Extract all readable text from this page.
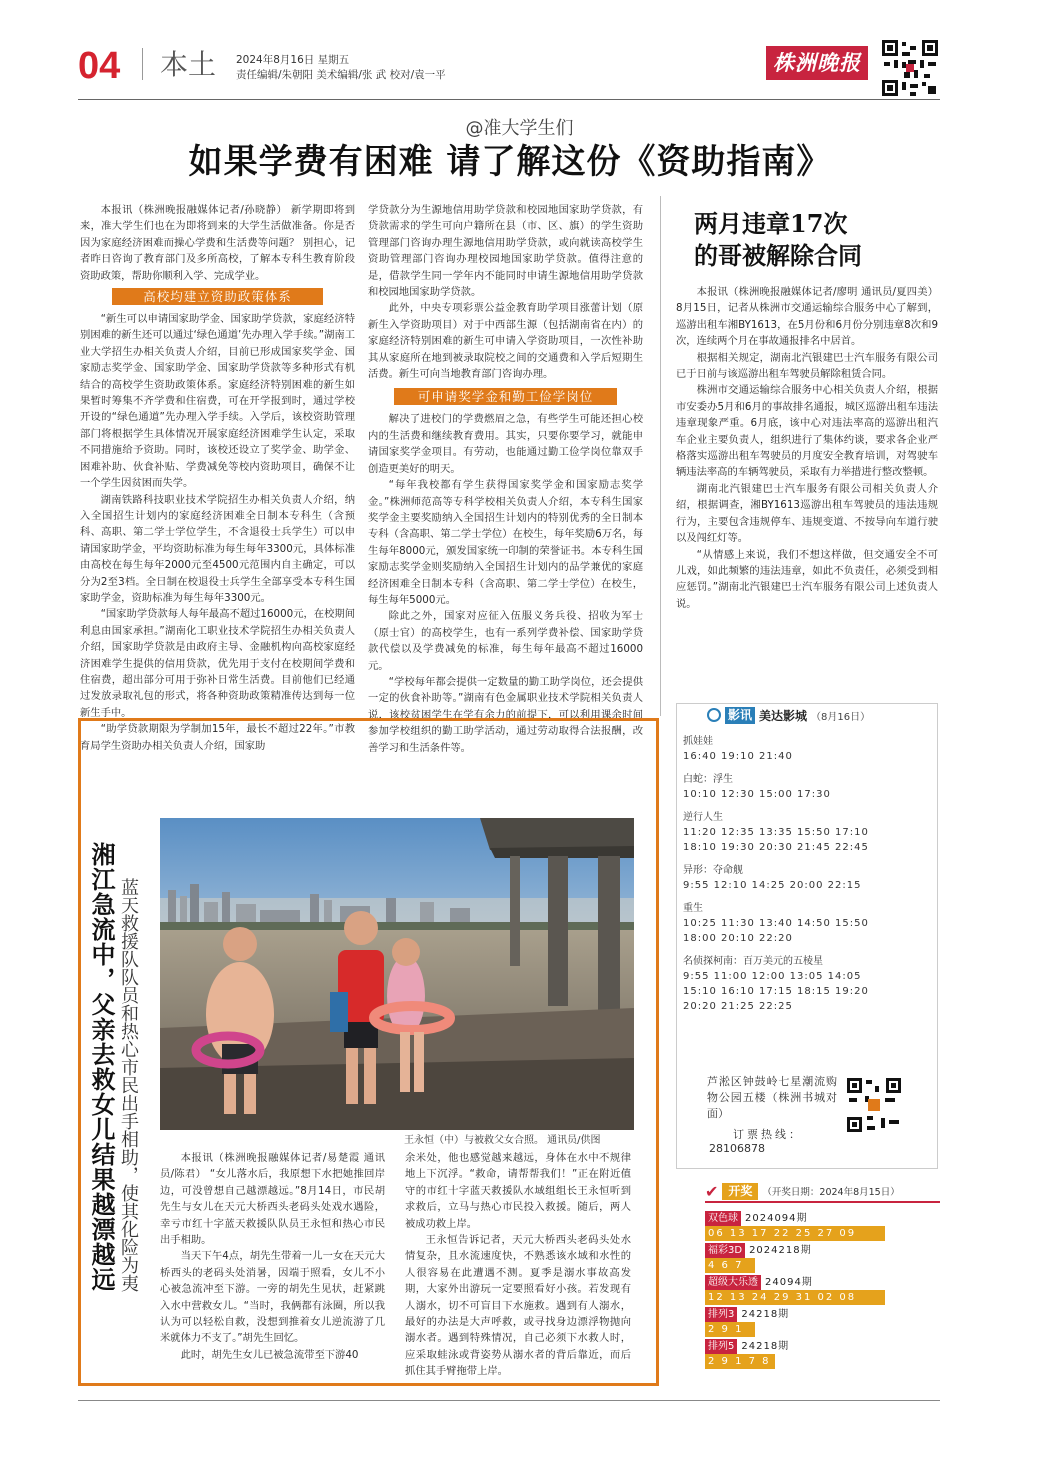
04 本土 2024年8月16日 星期五
责任编辑/朱朝阳 美术编辑/张 武 校对/袁一平	株洲晚报
@准大学生们
如果学费有困难 请了解这份《资助指南》

本报讯（株洲晚报融媒体记者/孙晓静） 新学期即将到来，准大学生们也在为即将到来的大学生活做准备。你是否因为家庭经济困难而操心学费和生活费等问题？ 别担心，记者昨日咨询了教育部门及多所高校，了解本专科生教育阶段资助政策，帮助你顺利入学、完成学业。

高校均建立资助政策体系

“新生可以申请国家助学金、国家助学贷款，家庭经济特别困难的新生还可以通过‘绿色通道’先办理入学手续。”湖南工业大学招生办相关负责人介绍，目前已形成国家奖学金、国家励志奖学金、国家助学金、国家助学贷款等多种形式有机结合的高校学生资助政策体系。家庭经济特别困难的新生如果暂时筹集不齐学费和住宿费，可在开学报到时，通过学校开设的“绿色通道”先办理入学手续。入学后，该校资助管理部门将根据学生具体情况开展家庭经济困难学生认定，采取不同措施给予资助。同时，该校还设立了奖学金、助学金、困难补助、伙食补贴、学费减免等校内资助项目，确保不让一个学生因贫困而失学。

湖南铁路科技职业技术学院招生办相关负责人介绍，纳入全国招生计划内的家庭经济困难全日制本专科生（含预科、高职、第二学士学位学生，不含退役士兵学生）可以申请国家助学金，平均资助标准为每生每年3300元，具体标准由高校在每生每年2000元至4500元范围内自主确定，可以分为2至3档。全日制在校退役士兵学生全部享受本专科生国家助学金，资助标准为每生每年3300元。

“国家助学贷款每人每年最高不超过16000元，在校期间利息由国家承担。”湖南化工职业技术学院招生办相关负责人介绍，国家助学贷款是由政府主导、金融机构向高校家庭经济困难学生提供的信用贷款，优先用于支付在校期间学费和住宿费，超出部分可用于弥补日常生活费。目前他们已经通过发放录取礼包的形式，将各种资助政策精准传达到每一位新生手中。

“助学贷款期限为学制加15年，最长不超过22年。”市教育局学生资助办相关负责人介绍，国家助

学贷款分为生源地信用助学贷款和校园地国家助学贷款，有贷款需求的学生可向户籍所在县（市、区、旗）的学生资助管理部门咨询办理生源地信用助学贷款，或向就读高校学生资助管理部门咨询办理校园地国家助学贷款。值得注意的是，借款学生同一学年内不能同时申请生源地信用助学贷款和校园地国家助学贷款。

此外，中央专项彩票公益金教育助学项目涨蕾计划（原新生入学资助项目）对于中西部生源（包括湖南省在内）的家庭经济特别困难的新生可申请入学资助项目，一次性补助其从家庭所在地到被录取院校之间的交通费和入学后短期生活费。新生可向当地教育部门咨询办理。

可申请奖学金和勤工俭学岗位

解决了进校门的学费燃眉之急，有些学生可能还担心校内的生活费和继续教育费用。其实，只要你要学习，就能申请国家奖学金项目。有劳动，也能通过勤工俭学岗位靠双手创造更美好的明天。

“每年我校都有学生获得国家奖学金和国家励志奖学金。”株洲师范高等专科学校相关负责人介绍，本专科生国家奖学金主要奖励纳入全国招生计划内的特别优秀的全日制本专科（含高职、第二学士学位）在校生，每年奖励6万名，每生每年8000元，颁发国家统一印制的荣誉证书。本专科生国家励志奖学金则奖励纳入全国招生计划内的品学兼优的家庭经济困难全日制本专科（含高职、第二学士学位）在校生，每生每年5000元。

除此之外，国家对应征入伍服义务兵役、招收为军士（原士官）的高校学生，也有一系列学费补偿、国家助学贷款代偿以及学费减免的标准，每生每年最高不超过16000元。

“学校每年都会提供一定数量的勤工助学岗位，还会提供一定的伙食补助等。”湖南有色金属职业技术学院相关负责人说，该校贫困学生在学有余力的前提下，可以利用课余时间参加学校组织的勤工助学活动，通过劳动取得合法报酬，改善学习和生活条件等。

两月违章17次
的哥被解除合同

本报讯（株洲晚报融媒体记者/廖明 通讯员/夏四美） 8月15日，记者从株洲市交通运输综合服务中心了解到，巡游出租车湘BY1613，在5月份和6月份分别违章8次和9次，连续两个月在事故通报排名中居首。

根据相关规定，湖南北汽银建巴士汽车服务有限公司已于日前与该巡游出租车驾驶员解除租赁合同。

株洲市交通运输综合服务中心相关负责人介绍，根据市安委办5月和6月的事故排名通报，城区巡游出租车违法违章现象严重。6月底，该中心对违法率高的巡游出租汽车企业主要负责人，组织进行了集体约谈，要求各企业严格落实巡游出租车驾驶员的月度安全教育培训，对驾驶车辆违法率高的车辆驾驶员，采取有力举措进行整改整顿。

湖南北汽银建巴士汽车服务有限公司相关负责人介绍，根据调查，湘BY1613巡游出租车驾驶员的违法违规行为，主要包含违规停车、违规变道、不按导向车道行驶以及闯红灯等。

“从情感上来说，我们不想这样做，但交通安全不可儿戏，如此频繁的违法违章，如此不负责任，必须受到相应惩罚。”湖南北汽银建巴士汽车服务有限公司上述负责人说。

影讯 美达影城 （8月16日）
抓娃娃
16:40 19:10 21:40
白蛇：浮生
10:10 12:30 15:00 17:30
逆行人生
11:20 12:35 13:35 15:50 17:10
18:10 19:30 20:30 21:45 22:45
异形：夺命舰
9:55 12:10 14:25 20:00 22:15
重生
10:25 11:30 13:40 14:50 15:50
18:00 20:10 22:20
名侦探柯南：百万美元的五棱星
9:55 11:00 12:00 13:05 14:05
15:10 16:10 17:15 18:15 19:20
20:20 21:25 22:25
芦淞区钟鼓岭七星潮流购物公园五楼（株洲书城对面）
订票热线：
28106878
✔ 开奖	（开奖日期：2024年8月15日）
双色球 2024094期
06 13 17 22 25 27 09
福彩3D 2024218期
4 6 7
超级大乐透 24094期
12 13 24 29 31 02 08
排列3 24218期
2 9 1
排列5 24218期
2 9 1 7 8
湘江急流中，父亲去救女儿结果越漂越远 蓝天救援队队员和热心市民出手相助，使其化险为夷	王永恒（中）与被救父女合照。 通讯员/供图

本报讯（株洲晚报融媒体记者/易楚霞 通讯员/陈君） “女儿落水后，我原想下水把她推回岸边，可没曾想自己越漂越远。”8月14日，市民胡先生与女儿在天元大桥西头老码头处戏水遇险，幸亏市红十字蓝天救援队队员王永恒和热心市民出手相助。

当天下午4点，胡先生带着一儿一女在天元大桥西头的老码头处消暑，因端于照看，女儿不小心被急流冲至下游。一旁的胡先生见状，赶紧跳入水中营救女儿。“当时，我俩都有泳圈，所以我认为可以轻松自救，没想到推着女儿逆流游了几米就体力不支了。”胡先生回忆。

此时，胡先生女儿已被急流带至下游40

余米处，他也感觉越来越远，身体在水中不规律地上下沉浮。“救命，请帮帮我们！”正在附近值守的市红十字蓝天救援队水域组组长王永恒听到求救后，立马与热心市民投入救援。随后，两人被成功救上岸。

王永恒告诉记者，天元大桥西头老码头处水情复杂，且水流速度快，不熟悉该水域和水性的人很容易在此遭遇不测。夏季是溺水事故高发期，大家外出游玩一定要照看好小孩。若发现有人溺水，切不可盲目下水施救。遇到有人溺水，最好的办法是大声呼救，或寻找身边漂浮物抛向溺水者。遇到特殊情况，自己必须下水救人时，应采取蛙泳或背姿势从溺水者的背后靠近，而后抓住其手臂拖带上岸。
